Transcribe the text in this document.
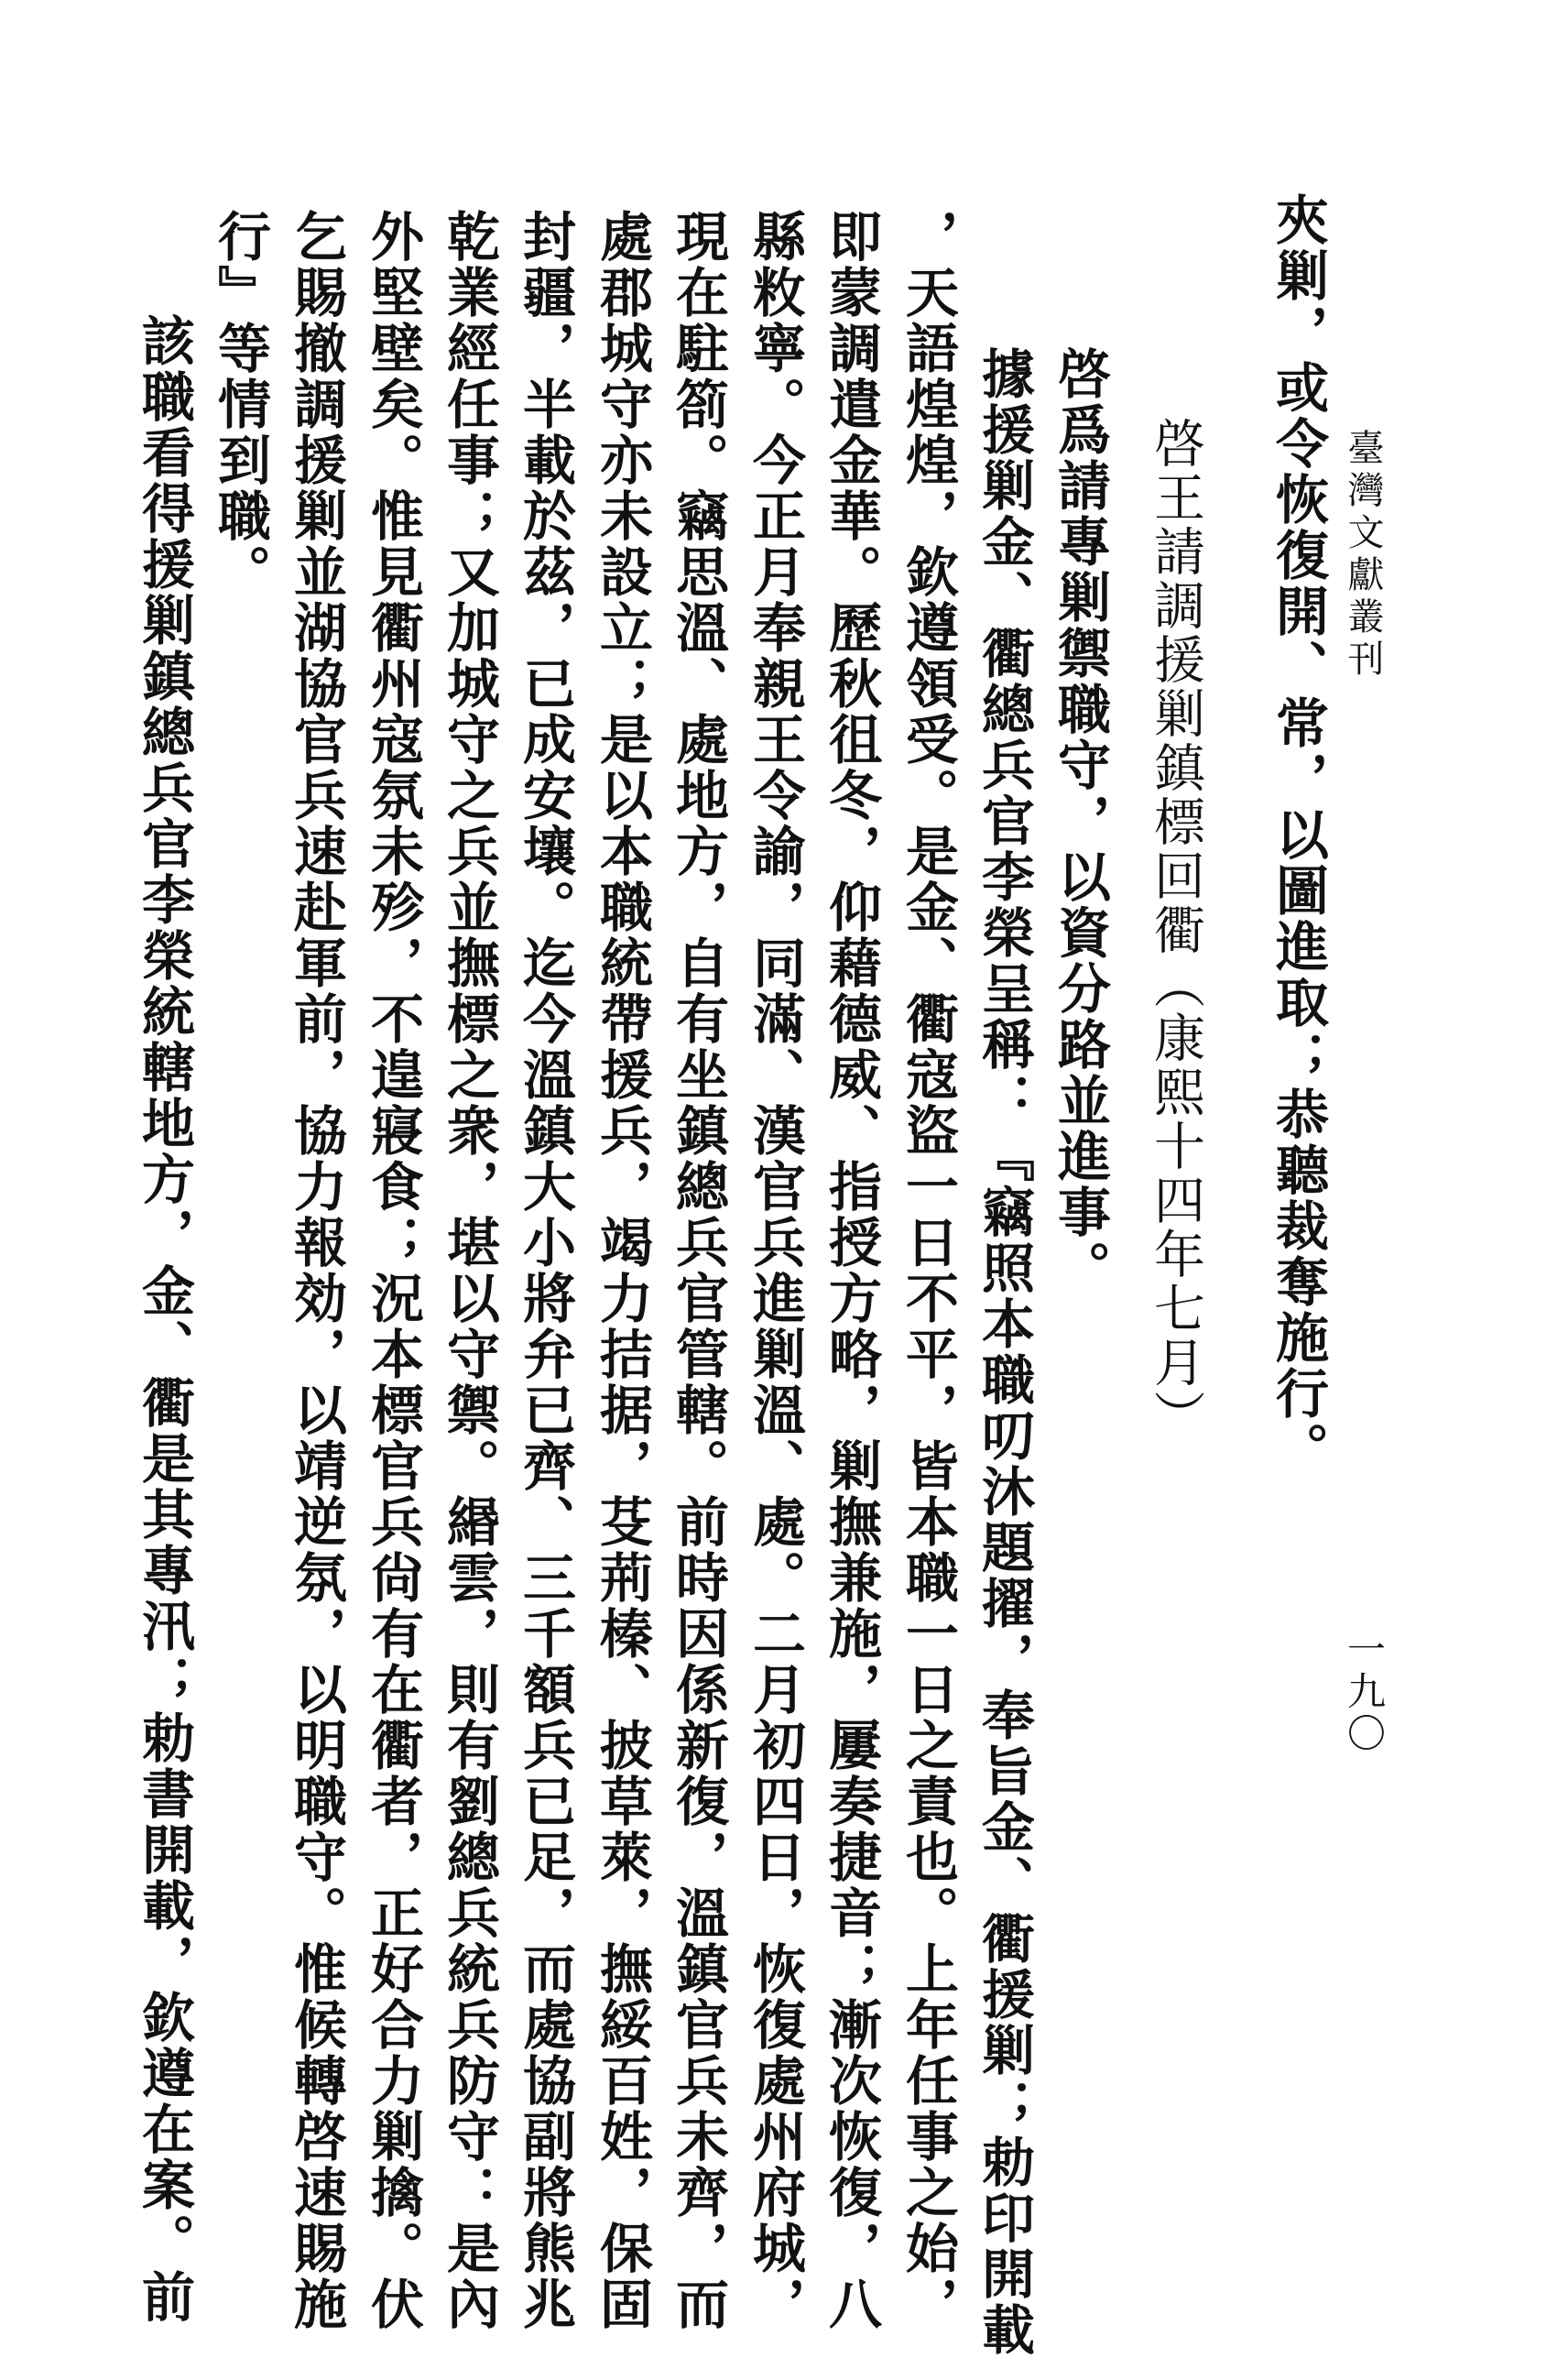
臺灣文獻叢刊
一九〇
夾剿，或令恢復開、常，以圖進取；恭聽裁奪施行。
啓王請調援剿鎮標回衢（康熙十四年七月）
啓爲請專剿禦職守，以資分路並進事。
據援剿金、衢總兵官李榮呈稱：『竊照本職叨沐題擢，奉旨金、衢援剿；勅印開載
，天語煌煌，欽遵領受。是金、衢寇盜一日不平，皆本職一日之責也。上年任事之始，
即蒙調遣金華。歷秋徂冬，仰藉德威、指授方略，剿撫兼施，屢奏捷音；漸次恢復，八
縣敉寧。今正月奉親王令諭，同滿、漢官兵進剿溫、處。二月初四日，恢復處州府城，
現在駐箚。竊思溫、處地方，自有坐鎮總兵官管轄。前時因係新復，溫鎮官兵未齊，而
處郡城守亦未設立；是以本職統帶援兵，竭力拮据，芟荊榛、披草萊，撫綏百姓，保固
封疆，半載於茲，已成安壤。迄今溫鎮大小將弁已齊、三千額兵已足，而處協副將熊兆
乾業經任事；又加城守之兵並撫標之衆，堪以守禦。緡雲，則有劉總兵統兵防守：是內
外堅壁矣。惟見衢州寇氛未殄，不遑寢食；況本標官兵尙有在衢者，正好合力剿擒。伏
乞賜撤調援剿並湖協官兵速赴軍前，協力報効，以靖逆氛，以明職守。惟候轉啓速賜施
行』等情到職。
該職看得援剿鎮總兵官李榮統轄地方，金、衢是其專汛；勅書開載，欽遵在案。前
